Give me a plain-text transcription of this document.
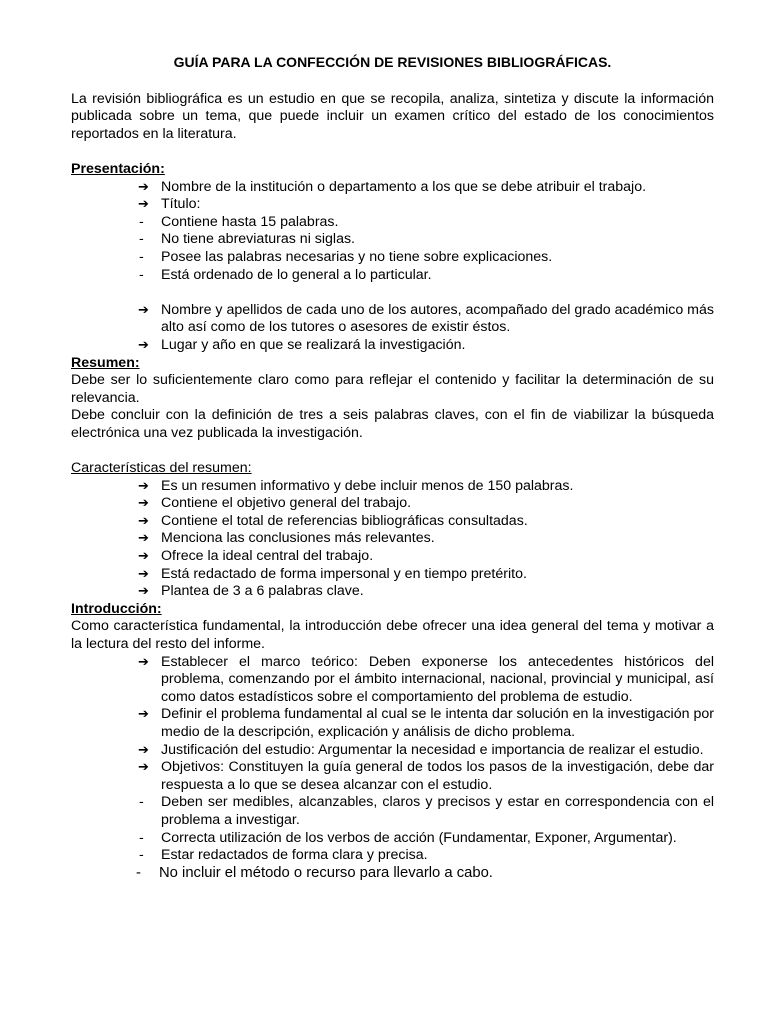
GUÍA PARA LA CONFECCIÓN DE REVISIONES BIBLIOGRÁFICAS.

La revisión bibliográfica es un estudio en que se recopila, analiza, sintetiza y discute la información publicada sobre un tema, que puede incluir un examen crítico del estado de los conocimientos reportados en la literatura.

Presentación:

➔ Nombre de la institución o departamento a los que se debe atribuir el trabajo.

➔ Título:

- Contiene hasta 15 palabras.

- No tiene abreviaturas ni siglas.

- Posee las palabras necesarias y no tiene sobre explicaciones.

- Está ordenado de lo general a lo particular.

➔ Nombre y apellidos de cada uno de los autores, acompañado del grado académico más alto así como de los tutores o asesores de existir éstos.

➔ Lugar y año en que se realizará la investigación.

Resumen:

Debe ser lo suficientemente claro como para reflejar el contenido y facilitar la determinación de su relevancia.

Debe concluir con la definición de tres a seis palabras claves, con el fin de viabilizar la búsqueda electrónica una vez publicada la investigación.

Características del resumen:

➔ Es un resumen informativo y debe incluir menos de 150 palabras.

➔ Contiene el objetivo general del trabajo.

➔ Contiene el total de referencias bibliográficas consultadas.

➔ Menciona las conclusiones más relevantes.

➔ Ofrece la ideal central del trabajo.

➔ Está redactado de forma impersonal y en tiempo pretérito.

➔ Plantea de 3 a 6 palabras clave.

Introducción:

Como característica fundamental, la introducción debe ofrecer una idea general del tema y motivar a la lectura del resto del informe.

➔ Establecer el marco teórico: Deben exponerse los antecedentes históricos del problema, comenzando por el ámbito internacional, nacional, provincial y municipal, así como datos estadísticos sobre el comportamiento del problema de estudio.

➔ Definir el problema fundamental al cual se le intenta dar solución en la investigación por medio de la descripción, explicación y análisis de dicho problema.

➔ Justificación del estudio: Argumentar la necesidad e importancia de realizar el estudio.

➔ Objetivos: Constituyen la guía general de todos los pasos de la investigación, debe dar respuesta a lo que se desea alcanzar con el estudio.

- Deben ser medibles, alcanzables, claros y precisos y estar en correspondencia con el problema a investigar.

- Correcta utilización de los verbos de acción (Fundamentar, Exponer, Argumentar).

- Estar redactados de forma clara y precisa.

- No incluir el método o recurso para llevarlo a cabo.
